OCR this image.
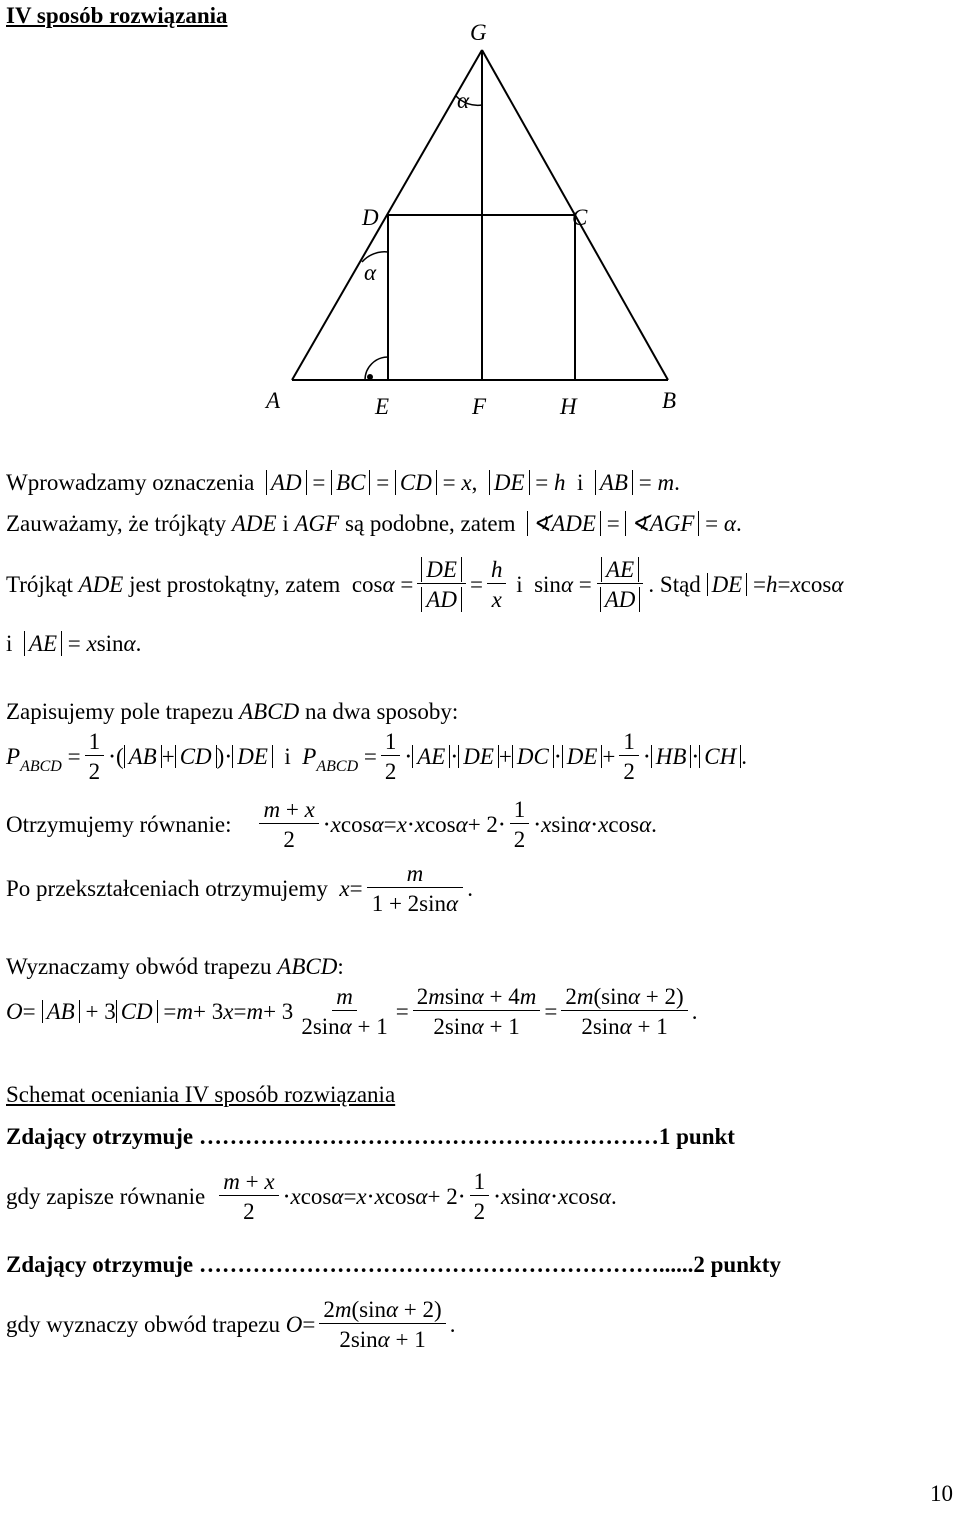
IV sposób rozwiązania
G
α
D	C
α
A	E	F	H	B
Wprowadzamy oznaczenia AD = BC = CD = x,  DE = h  i  AB = m.
Zauważamy, że trójkąty ADE i AGF są podobne, zatem ∢ADE = ∢AGF = α.
Trójkąt
ADE
jest prostokątny, zatem $\cos \alpha = \frac{DE}{AD} = \frac{h}{x}$ i  $\sin \alpha = \frac{AE}{AD}$ . Stąd
DE = h = x cos α
i  AE = xsinα.
Zapisujemy pole trapezu ABCD na dwa sposoby:
P ABCD = $\frac{1}{2}$ ⋅( AB + CD )⋅ DE i P ABCD = $\frac{1}{2}$ ⋅ AE ⋅ DE + DC ⋅ DE + $\frac{1}{2}$ ⋅ HB ⋅ CH .
Otrzymujemy równanie: $\frac{m + x}{2} \cdot x$ cos α = x ⋅ x $\cos \alpha + 2\cdot \frac{1}{2} \cdot x$ sin α ⋅ x cos α .
Po przekształceniach otrzymujemy
$x = \frac{m}{1 + 2\sin\alpha}$ .
Wyznaczamy obwód trapezu ABCD:
O = AB + 3 CD = m + 3 $x = m + 3 \frac{m}{2\sin\alpha + 1} = \frac{2msin\alpha + 4m}{2\sin\alpha + 1} = \frac{2m(\sin\alpha + 2)}{2\sin\alpha + 1}$ .
Schemat oceniania IV sposób rozwiązania
Zdający otrzymuje ……………………………………………………1 punkt
gdy zapisze równanie $\frac{m + x}{2} \cdot x$ cos α = x ⋅ x $\cos \alpha + 2\cdot \frac{1}{2} \cdot x$ sin α ⋅ x cos α .
Zdający otrzymuje ……………………………………………………......2 punkty
gdy wyznaczy obwód trapezu
$O = \frac{2m(\sin\alpha + 2)}{2\sin\alpha + 1}$ .
10
